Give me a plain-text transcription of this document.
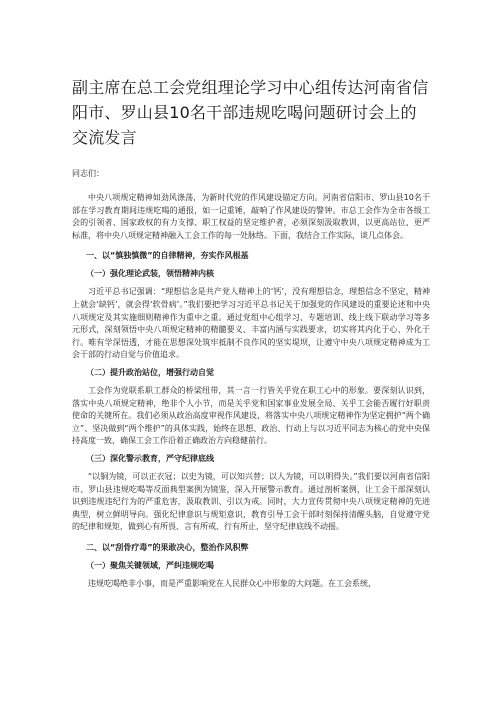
副主席在总工会党组理论学习中心组传达河南省信阳市、罗山县10名干部违规吃喝问题研讨会上的交流发言

同志们：

中央八项规定精神如劲风涤荡，为新时代党的作风建设锚定方向。河南省信阳市、罗山县10名干部在学习教育期间违规吃喝的通报，如一记重锤，敲响了作风建设的警钟。市总工会作为全市各级工会的引领者、国家政权的有力支撑、职工权益的坚定维护者，必须深刻汲取教训，以更高站位、更严标准，将中央八项规定精神融入工会工作的每一处脉络。下面，我结合工作实际，谈几点体会。

一、以“慎独慎微”的自律精神，夯实作风根基
（一）强化理论武装，领悟精神内核

习近平总书记强调：“理想信念是共产党人精神上的‘钙’，没有理想信念，理想信念不坚定，精神上就会‘缺钙’，就会得‘软骨病’。”我们要把学习习近平总书记关于加强党的作风建设的重要论述和中央八项规定及其实施细则精神作为重中之重。通过党组中心组学习、专题培训、线上线下联动学习等多元形式，深刻领悟中央八项规定精神的精髓要义、丰富内涵与实践要求，切实将其内化于心、外化于行。唯有学深悟透，才能在思想深处筑牢抵制不良作风的坚实堤坝，让遵守中央八项规定精神成为工会干部的行动自觉与价值追求。

（二）提升政治站位，增强行动自觉

工会作为党联系职工群众的桥梁纽带，其一言一行皆关乎党在职工心中的形象。要深刻认识到，落实中央八项规定精神，绝非个人小节，而是关乎党和国家事业发展全局、关乎工会能否履行好职责使命的关键所在。我们必须从政治高度审视作风建设，将落实中央八项规定精神作为坚定拥护“两个确立”、坚决做到“两个维护”的具体实践，始终在思想、政治、行动上与以习近平同志为核心的党中央保持高度一致，确保工会工作沿着正确政治方向稳健前行。

（三）深化警示教育，严守纪律底线

“以铜为镜，可以正衣冠；以史为镜，可以知兴替；以人为镜，可以明得失。”我们要以河南省信阳市、罗山县违规吃喝等反面典型案例为镜鉴，深入开展警示教育。通过剖析案例，让工会干部深刻认识到违规违纪行为的严重危害，汲取教训、引以为戒。同时，大力宣传贯彻中央八项规定精神的先进典型，树立鲜明导向。强化纪律意识与规矩意识，教育引导工会干部时刻保持清醒头脑，自觉遵守党的纪律和规矩，做到心有所畏、言有所戒、行有所止，坚守纪律底线不动摇。

二、以“刮骨疗毒”的果敢决心，整治作风积弊
（一）聚焦关键领域，严纠违规吃喝

违规吃喝绝非小事，而是严重影响党在人民群众心中形象的大问题。在工会系统，
